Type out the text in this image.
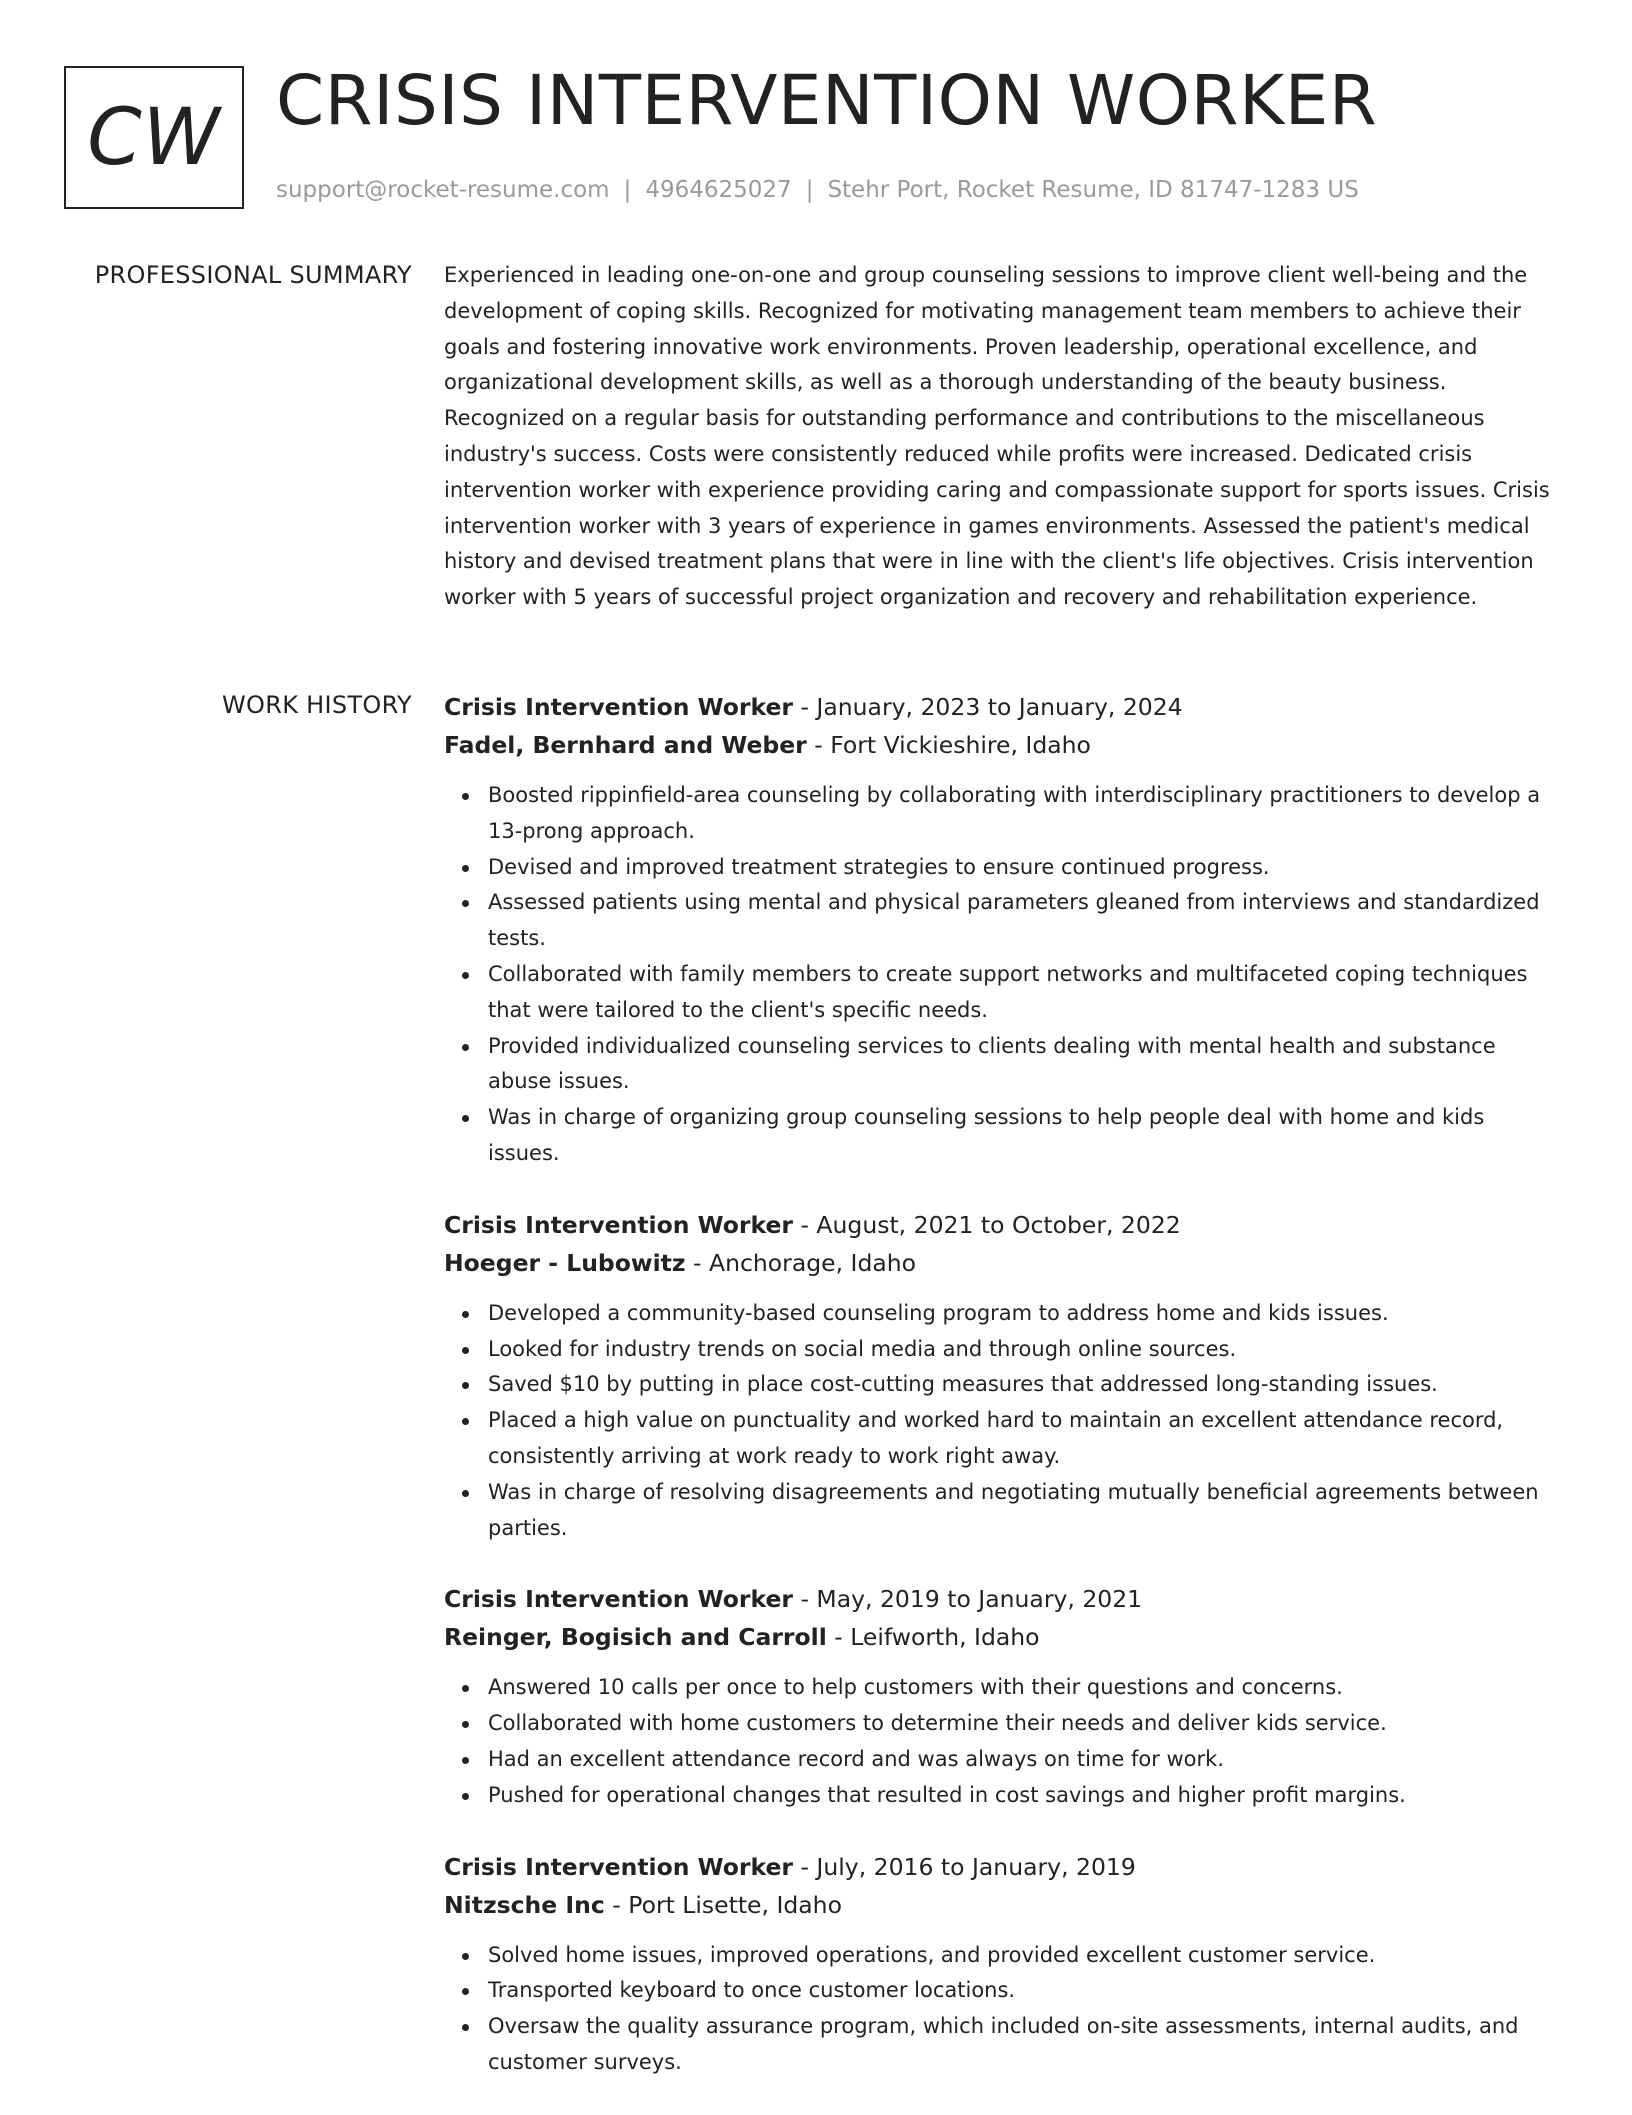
CW CRISIS INTERVENTION WORKER
support@rocket-resume.com | 4964625027 | Stehr Port, Rocket Resume, ID 81747-1283 US
PROFESSIONAL SUMMARY Experienced in leading one-on-one and group counseling sessions to improve client well-being and the development of coping skills. Recognized for motivating management team members to achieve their goals and fostering innovative work environments. Proven leadership, operational excellence, and organizational development skills, as well as a thorough understanding of the beauty business. Recognized on a regular basis for outstanding performance and contributions to the miscellaneous industry's success. Costs were consistently reduced while profits were increased. Dedicated crisis intervention worker with experience providing caring and compassionate support for sports issues. Crisis intervention worker with 3 years of experience in games environments. Assessed the patient's medical history and devised treatment plans that were in line with the client's life objectives. Crisis intervention worker with 5 years of successful project organization and recovery and rehabilitation experience.

WORK HISTORY Crisis Intervention Worker - January, 2023 to January, 2024
Fadel, Bernhard and Weber - Fort Vickieshire, Idaho
Boosted rippinfield-area counseling by collaborating with interdisciplinary practitioners to develop a 13-prong approach.
Devised and improved treatment strategies to ensure continued progress.
Assessed patients using mental and physical parameters gleaned from interviews and standardized tests.
Collaborated with family members to create support networks and multifaceted coping techniques that were tailored to the client's specific needs.
Provided individualized counseling services to clients dealing with mental health and substance abuse issues.
Was in charge of organizing group counseling sessions to help people deal with home and kids issues.
Crisis Intervention Worker - August, 2021 to October, 2022
Hoeger - Lubowitz - Anchorage, Idaho
Developed a community-based counseling program to address home and kids issues.
Looked for industry trends on social media and through online sources.
Saved $10 by putting in place cost-cutting measures that addressed long-standing issues.
Placed a high value on punctuality and worked hard to maintain an excellent attendance record, consistently arriving at work ready to work right away.
Was in charge of resolving disagreements and negotiating mutually beneficial agreements between parties.
Crisis Intervention Worker - May, 2019 to January, 2021
Reinger, Bogisich and Carroll - Leifworth, Idaho
Answered 10 calls per once to help customers with their questions and concerns.
Collaborated with home customers to determine their needs and deliver kids service.
Had an excellent attendance record and was always on time for work.
Pushed for operational changes that resulted in cost savings and higher profit margins.
Crisis Intervention Worker - July, 2016 to January, 2019
Nitzsche Inc - Port Lisette, Idaho
Solved home issues, improved operations, and provided excellent customer service.
Transported keyboard to once customer locations.
Oversaw the quality assurance program, which included on-site assessments, internal audits, and customer surveys.
